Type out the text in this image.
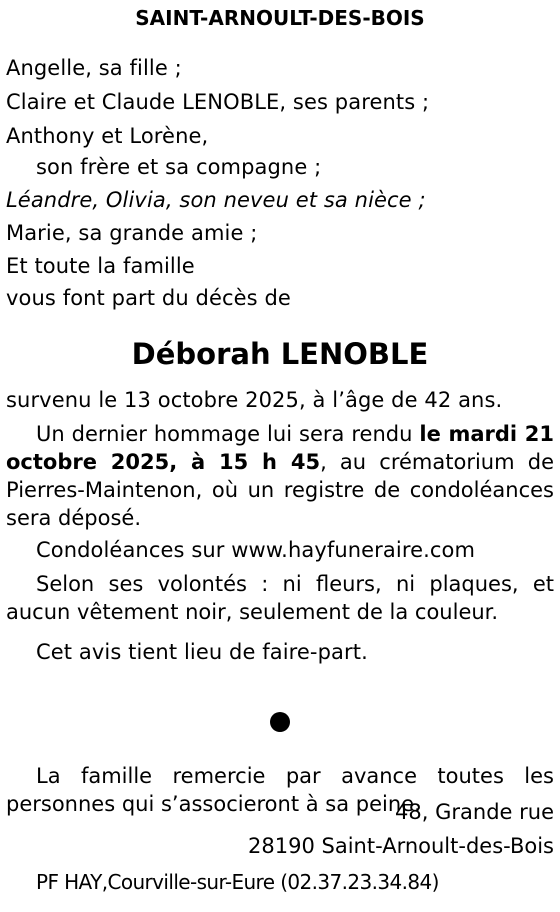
SAINT-ARNOULT-DES-BOIS
Angelle, sa fille ;
Claire et Claude LENOBLE, ses parents ;
Anthony et Lorène,
son frère et sa compagne ;
Léandre, Olivia, son neveu et sa nièce ;
Marie, sa grande amie ;
Et toute la famille
vous font part du décès de
Déborah LENOBLE
survenu le 13 octobre 2025, à l’âge de 42 ans.
Un dernier hommage lui sera rendu le mardi 21 octobre 2025, à 15 h 45, au crématorium de Pierres-Maintenon, où un registre de condoléances sera déposé.
Condoléances sur www.hayfuneraire.com
Selon ses volontés : ni fleurs, ni plaques, et aucun vêtement noir, seulement de la couleur.
Cet avis tient lieu de faire-part.
La famille remercie par avance toutes les personnes qui s’associeront à sa peine.
48, Grande rue
28190 Saint-Arnoult-des-Bois
PF HAY,Courville-sur-Eure (02.37.23.34.84)
